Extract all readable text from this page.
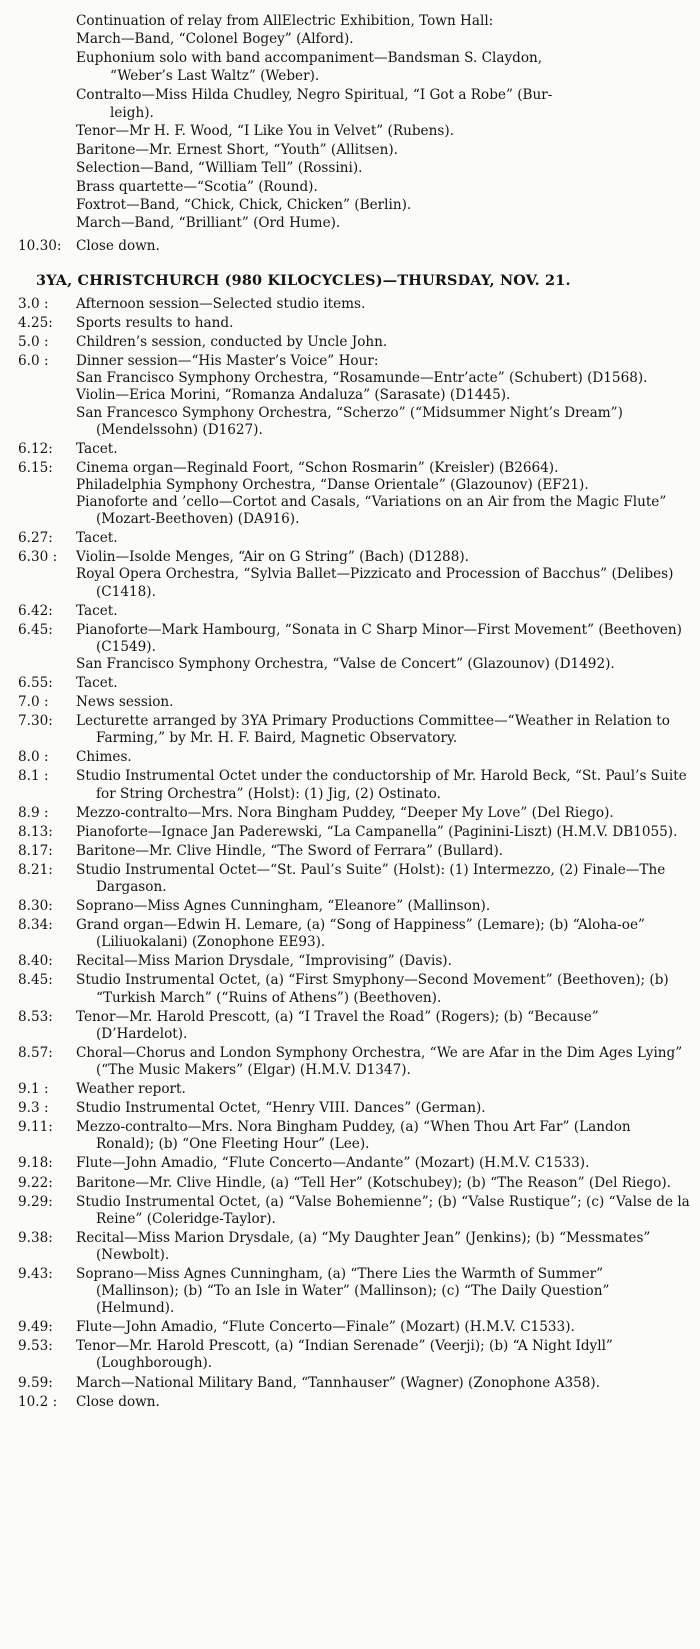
Continuation of relay from AllElectric Exhibition, Town Hall:
March—Band, “Colonel Bogey” (Alford).
Euphonium solo with band accompaniment—Bandsman S. Claydon,
“Weber’s Last Waltz” (Weber).
Contralto—Miss Hilda Chudley, Negro Spiritual, “I Got a Robe” (Bur-
leigh).
Tenor—Mr H. F. Wood, “I Like You in Velvet” (Rubens).
Baritone—Mr. Ernest Short, “Youth” (Allitsen).
Selection—Band, “William Tell” (Rossini).
Brass quartette—“Scotia” (Round).
Foxtrot—Band, “Chick, Chick, Chicken” (Berlin).
March—Band, “Brilliant” (Ord Hume).
10.30:	Close down.
3YA, CHRISTCHURCH (980 KILOCYCLES)—THURSDAY, NOV. 21.
3.0 :	Afternoon session—Selected studio items.
4.25:	Sports results to hand.
5.0 :	Children’s session, conducted by Uncle John.
6.0 :	Dinner session—“His Master’s Voice” Hour:
San Francisco Symphony Orchestra, “Rosamunde—Entr’acte” (Schubert) (D1568).
Violin—Erica Morini, “Romanza Andaluza” (Sarasate) (D1445).
San Francesco Symphony Orchestra, “Scherzo” (“Midsummer Night’s Dream”) (Mendelssohn) (D1627).
6.12:	Tacet.
6.15:	Cinema organ—Reginald Foort, “Schon Rosmarin” (Kreisler) (B2664).
Philadelphia Symphony Orchestra, “Danse Orientale” (Glazounov) (EF21).
Pianoforte and ’cello—Cortot and Casals, “Variations on an Air from the Magic Flute” (Mozart-Beethoven) (DA916).
6.27:	Tacet.
6.30 :	Violin—Isolde Menges, “Air on G String” (Bach) (D1288).
Royal Opera Orchestra, “Sylvia Ballet—Pizzicato and Procession of Bacchus” (Delibes) (C1418).
6.42:	Tacet.
6.45:	Pianoforte—Mark Hambourg, “Sonata in C Sharp Minor—First Movement” (Beethoven) (C1549).
San Francisco Symphony Orchestra, “Valse de Concert” (Glazounov) (D1492).
6.55:	Tacet.
7.0 :	News session.
7.30:	Lecturette arranged by 3YA Primary Productions Committee—“Weather in Relation to Farming,” by Mr. H. F. Baird, Magnetic Observatory.
8.0 :	Chimes.
8.1 :	Studio Instrumental Octet under the conductorship of Mr. Harold Beck, “St. Paul’s Suite for String Orchestra” (Holst): (1) Jig, (2) Ostinato.
8.9 :	Mezzo-contralto—Mrs. Nora Bingham Puddey, “Deeper My Love” (Del Riego).
8.13:	Pianoforte—Ignace Jan Paderewski, “La Campanella” (Paginini-Liszt) (H.M.V. DB1055).
8.17:	Baritone—Mr. Clive Hindle, “The Sword of Ferrara” (Bullard).
8.21:	Studio Instrumental Octet—“St. Paul’s Suite” (Holst): (1) Intermezzo, (2) Finale—The Dargason.
8.30:	Soprano—Miss Agnes Cunningham, “Eleanore” (Mallinson).
8.34:	Grand organ—Edwin H. Lemare, (a) “Song of Happiness” (Lemare); (b) “Aloha-oe” (Liliuokalani) (Zonophone EE93).
8.40:	Recital—Miss Marion Drysdale, “Improvising” (Davis).
8.45:	Studio Instrumental Octet, (a) “First Smyphony—Second Movement” (Beethoven); (b) “Turkish March” (“Ruins of Athens”) (Beethoven).
8.53:	Tenor—Mr. Harold Prescott, (a) “I Travel the Road” (Rogers); (b) “Because” (D’Hardelot).
8.57:	Choral—Chorus and London Symphony Orchestra, “We are Afar in the Dim Ages Lying” (“The Music Makers” (Elgar) (H.M.V. D1347).
9.1 :	Weather report.
9.3 :	Studio Instrumental Octet, “Henry VIII. Dances” (German).
9.11:	Mezzo-contralto—Mrs. Nora Bingham Puddey, (a) “When Thou Art Far” (Landon Ronald); (b) “One Fleeting Hour” (Lee).
9.18:	Flute—John Amadio, “Flute Concerto—Andante” (Mozart) (H.M.V. C1533).
9.22:	Baritone—Mr. Clive Hindle, (a) “Tell Her” (Kotschubey); (b) “The Reason” (Del Riego).
9.29:	Studio Instrumental Octet, (a) “Valse Bohemienne”; (b) “Valse Rustique”; (c) “Valse de la Reine” (Coleridge-Taylor).
9.38:	Recital—Miss Marion Drysdale, (a) “My Daughter Jean” (Jenkins); (b) “Messmates” (Newbolt).
9.43:	Soprano—Miss Agnes Cunningham, (a) “There Lies the Warmth of Summer” (Mallinson); (b) “To an Isle in Water” (Mallinson); (c) “The Daily Question” (Helmund).
9.49:	Flute—John Amadio, “Flute Concerto—Finale” (Mozart) (H.M.V. C1533).
9.53:	Tenor—Mr. Harold Prescott, (a) “Indian Serenade” (Veerji); (b) “A Night Idyll” (Loughborough).
9.59:	March—National Military Band, “Tannhauser” (Wagner) (Zonophone A358).
10.2 :	Close down.
